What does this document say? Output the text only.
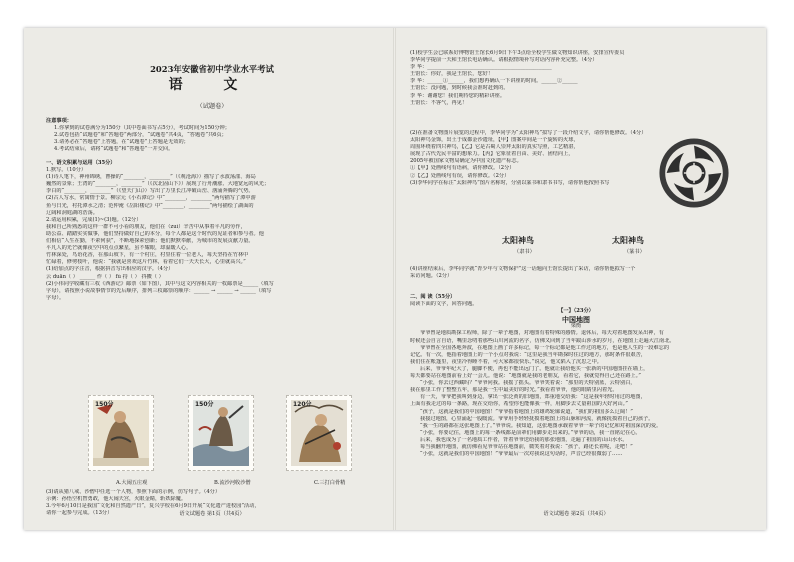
2023年安徽省初中学业水平考试
语 文
（试题卷）
注意事项：
1.你拿到的试卷满分为150分（其中卷面书写占5分），考试时间为150分钟；
2.试卷包括“试题卷”和“答题卷”两部分，“试题卷”共4页，“答题卷”共6页；
3.请务必在“答题卷”上答题，在“试题卷”上答题是无效的；
4.考试结束后，请将“试题卷”和“答题卷”一并交回。
一、语文积累与运用（35分）
1.默写。（10分）
(1)诗人笔下，神州锦绣，曹操的“________，________”（《观沧海》）描写了水波荡漾、海岛
巍然的景象；王湾的“________，________”（《次北固山下》）展现了行舟潮涨、大地宽远的风光；
李白的“________，________”（《望天门山》）写出了万里长江冲破山峦、汹涌奔腾的气势。
(2)古人写水，常寓情于景。柳宗元《小石潭记》中“________，________”两句描写了潭中游
鱼与日光，衬托潭水之清；范仲淹《岳阳楼记》中“________，________”两句描绘了湖面的
辽阔和洞庭湖的浩荡。
2.请运用积累，完成(1)~(3)题。（12分）
我和自己所熟悉的这样一群不可小看的朋友，他们在（zuì）辛苦中从事着平凡的劳作，
助公益、踏踏实实做事，他们坚持做好自己的本分，每个人都是这个时代的见证者和参与者。他
们相信“人生在勤，不索何获”，不断地探索创新；他们默默奉献，为城市的发展贡献力量。
平凡人的光芒就像夜空中的点点繁星，虽不耀眼，却温暖人心。
竹林深处，鸟语花香，在那山坡下，有一个村庄，村里住着一位老人，每天坚持在竹林中
忙碌着，修剪枝叶，他说：“我就是喜欢这片竹林，看着它们一天天长大，心里就高兴。”
(1)给加点的字注音，根据拼音写出相应的汉字。（4分）
云 duān（ ） ______ 作（ ） fù 持（ ） 抖擞（ ）
(2)小伟同学收藏有三枚《西游记》邮票（如下图），其中与这文内容相关的一枚邮票是______（填写
字母），请按照小说故事情节的先后顺序，排列三枚邮票的顺序：______ → ______ → ______（填写
字母）。
150分	150分	120分
A.大闹五庄观	B.流沙河收沙僧	C.三打白骨精
(3)请从猪八戒、沙僧中任选一个人物，参照下面的示例，仿写句子。（4分）
示例：孙悟空机智勇敢，他大闹天宫，火眼金睛，斩妖除魔。
3.今年6月10日是我国“文化和自然遗产日”，复兴学校在6月9日开展“文化遗产进校园”活动，
请你一起参与完成。（13分）	语文试题卷 第1页（共4页）
(1)校学生会已联系好博物馆王馆长6月9日下午3点给全校学生做文物知识讲座，安排宣传委员
李华同学提前一天和王馆长电话确认。请根据情境补写对话内容补充完整。（4分）
李 华：________________________________________________
王馆长：你好，我是王馆长，您好！
李 华：______①______，我们想再确认一下讲座的时间。______②______
王馆长：没问题，到时候我会准时赶到的。
李 华：谢谢您！我们期待您的精彩讲座。
王馆长：不客气，再见！
(2)在准备文物图片展览的过程中，李华同学为“太阳神鸟”拟写了一段介绍文字，请你帮他修改。（4分）
太阳神鸟金饰，出土于成都金沙遗址，【甲】图案中间是一个旋转的火球，
周围环绕着四只神鸟，【乙】它是古蜀人崇拜太阳的真实写照，工艺精湛，
展现了古代先民丰富的想象力。【丙】它象征着自由、美好、团结向上，
2005年被国家文物局确定为中国文化遗产标志。
①【甲】处画线句有语病，请你修改。（2分）
②【乙】处画线句有误，请你修改。（2分）
(3)李华同学在标注“太阳神鸟”图片名称时，分别以篆书和隶书书写，请你帮他按照书写
太阳神鸟
（隶书）
太阳神鸟
（篆书）
(4)讲座结束后，李华同学就“青少年与文物保护”这一话题向王馆长提出了采访，请你帮他拟写一个
采访问题。（2分）
二、阅 读（55分）
阅读下面的文字，回答问题。
【一】（23分）
中国地图
梁衡
爷爷曾是地质勘探工程师，除了一辈子地图，对地图有着特殊的感情。退休后，每天对着地图发呆出神，有
时候还会自言自语，嘴里念叨着那些山川河流的名字，仿佛又回到了当年跋山涉水的岁月，在地图上走遍大江南北。
爷爷曾在全国各地奔波，在地图上画了许多标记，每一个标记都是他工作过的地方，也是他人生的一段难忘的
记忆。有一次，他指着地图上的一个小点对我说：“这里是我当年勘探时住过的地方，那时条件很艰苦，
我们住在帐篷里，夜里冷得睡不着，可大家都很快乐。”说完，他又陷入了沉思之中。
后来，爷爷年纪大了，腿脚不便，再也不能出远门了。他就让我给他买一张新的中国地图挂在墙上，
每天都要站在地图前看上好一会儿。他说：“地图就是我的老朋友，看着它，我就觉得自己还在路上。”
“小张，你去过西藏吗？”爷爷问我。我摇了摇头。爷爷笑着说：“那里的天特别蓝，云特别白，
我在那里工作了整整五年，那是我一生中最美好的时光。”我看着爷爷，他的眼睛里闪着光。
有一天，爷爷把我叫到身边，拿出一张泛黄的旧地图，郑重地交给我：“这是我年轻时用过的地图，
上面有我走过的每一条路，现在交给你，希望你也能像我一样，用脚步去丈量祖国的大好河山。”
“孩子，这就是我们的中国地图！”爷爷指着地图上的雄鸡轮廓说道，“我们的祖国多么辽阔！”
我接过地图，心里涌起一股暖流。爷爷用手轻轻抚摸着地图上的山脉和河流，就像抚摸着自己的孩子。
“我一生的路都在这张地图上了。”爷爷说。我知道，这张地图承载着爷爷一辈子的记忆和对祖国深沉的爱。
“小张，你要记住，地图上的每一条线都是前辈们用脚步走出来的。”爷爷的话，我一直铭记在心。
后来，我也成为了一名地质工作者，背着爷爷送给我的那张地图，走遍了祖国的山山水水。
每当我翻开地图，就仿佛看见爷爷站在地图前，微笑着对我说：“孩子，路还长着呢，走吧！”
“小张，这就是我们的中国地图！”爷爷最后一次对我说这句话时，声音已经很微弱了……
语文试题卷 第2页（共4页）
